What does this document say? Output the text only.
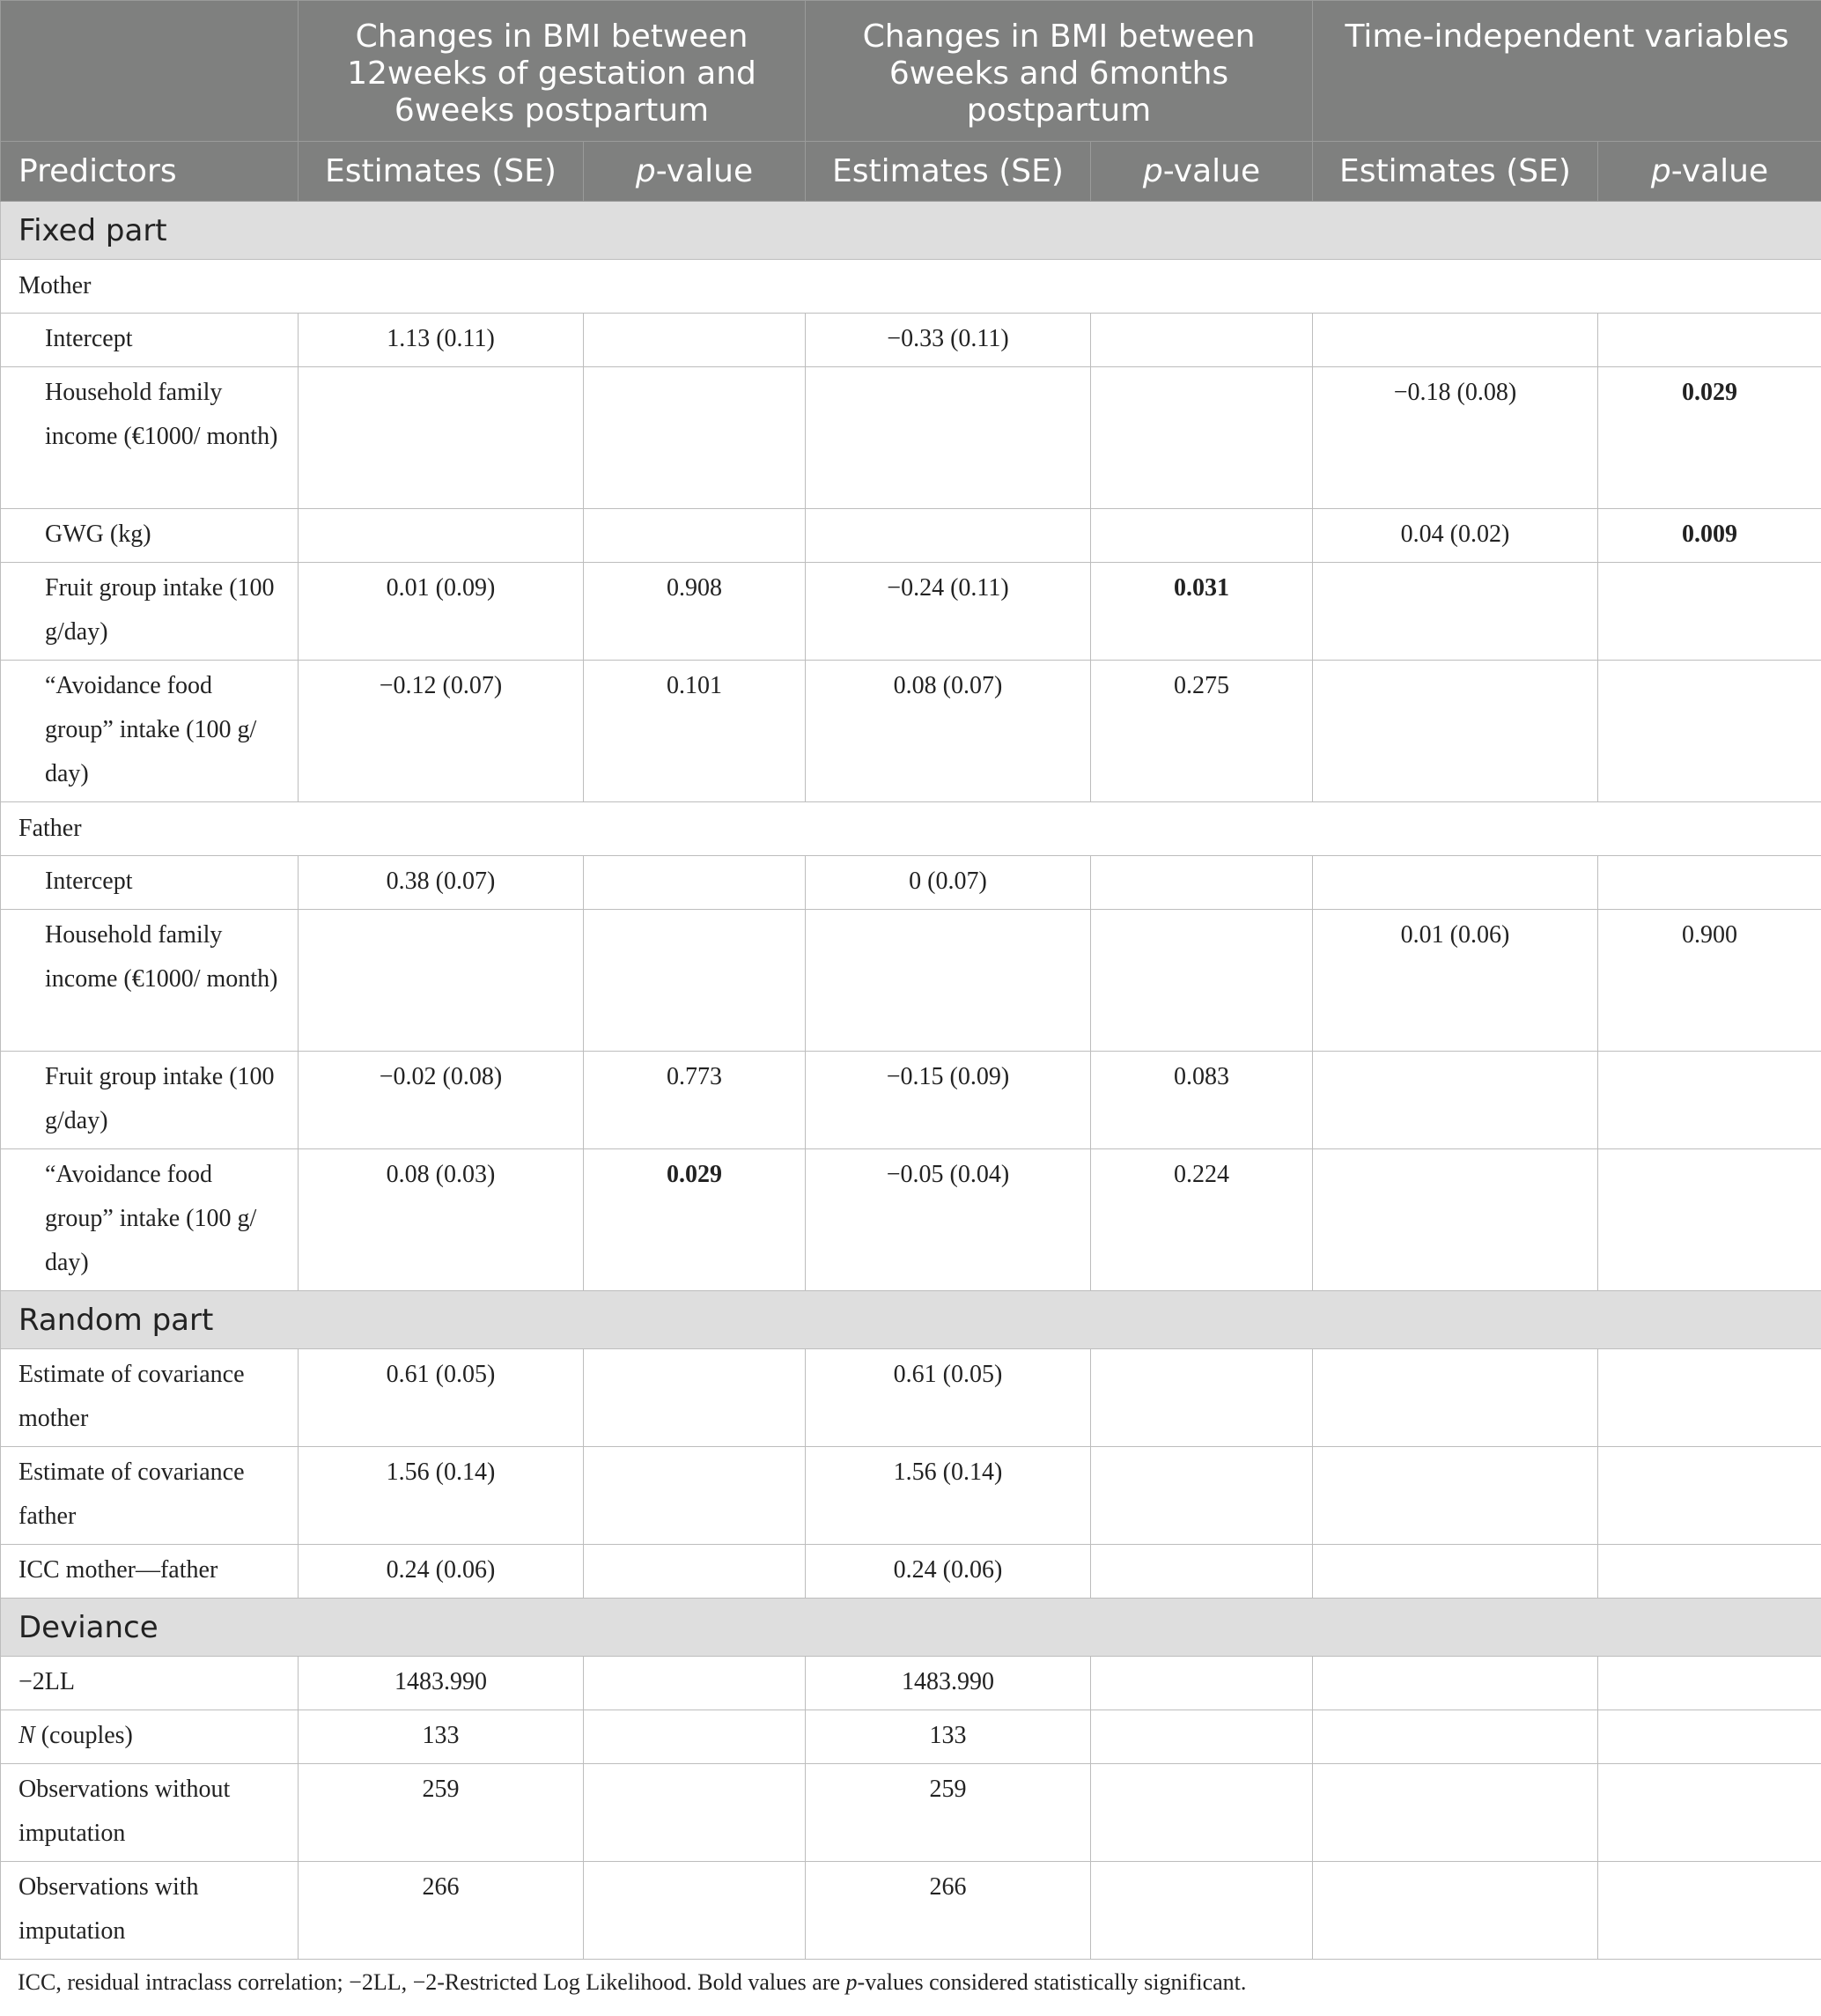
	Changes in BMI between 12weeks of gestation and 6weeks postpartum		Changes in BMI between 6weeks and 6months postpartum		Time-independent variables	
Predictors	Estimates (SE)	p-value	Estimates (SE)	p-value	Estimates (SE)	p-value
Fixed part						
Mother						
Intercept	1.13 (0.11)		−0.33 (0.11)			
Household family income (€1000/ month)					−0.18 (0.08)	0.029
GWG (kg)					0.04 (0.02)	0.009
Fruit group intake (100 g/day)	0.01 (0.09)	0.908	−0.24 (0.11)	0.031		
“Avoidance food group” intake (100 g/ day)	−0.12 (0.07)	0.101	0.08 (0.07)	0.275		
Father						
Intercept	0.38 (0.07)		0 (0.07)			
Household family income (€1000/ month)					0.01 (0.06)	0.900
Fruit group intake (100 g/day)	−0.02 (0.08)	0.773	−0.15 (0.09)	0.083		
“Avoidance food group” intake (100 g/ day)	0.08 (0.03)	0.029	−0.05 (0.04)	0.224		
Random part						
Estimate of covariance mother	0.61 (0.05)		0.61 (0.05)			
Estimate of covariance father	1.56 (0.14)		1.56 (0.14)			
ICC mother—father	0.24 (0.06)		0.24 (0.06)			
Deviance						
−2LL	1483.990		1483.990			
N (couples)	133		133			
Observations without imputation	259		259			
Observations with imputation	266		266			
ICC, residual intraclass correlation; −2LL, −2-Restricted Log Likelihood. Bold values are p-values considered statistically significant.
